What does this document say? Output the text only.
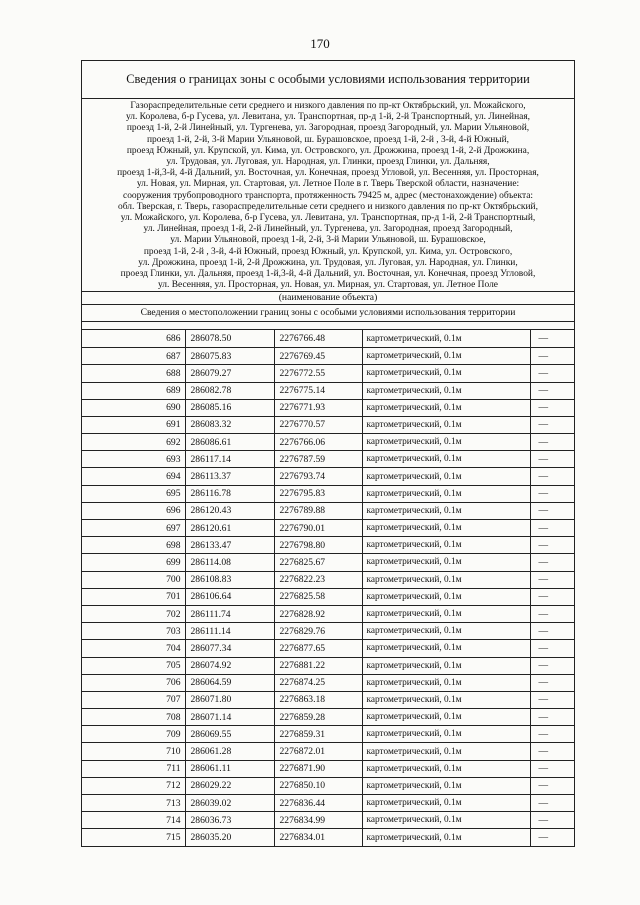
170
Сведения о границах зоны с особыми условиями использования территории
Газораспределительные сети среднего и низкого давления по пр-кт Октябрьский, ул. Можайского,
ул. Королева, б-р Гусева, ул. Левитана, ул. Транспортная, пр-д 1-й, 2-й Транспортный, ул. Линейная,
проезд 1-й, 2-й Линейный, ул. Тургенева, ул. Загородная, проезд Загородный, ул. Марии Ульяновой,
проезд 1-й, 2-й, 3-й Марии Ульяновой, ш. Бурашовское, проезд 1-й, 2-й , 3-й, 4-й Южный,
проезд Южный, ул. Крупской, ул. Кима, ул. Островского, ул. Дрожжина, проезд 1-й, 2-й Дрожжина,
ул. Трудовая, ул. Луговая, ул. Народная, ул. Глинки, проезд Глинки, ул. Дальняя,
проезд 1-й,3-й, 4-й Дальний, ул. Восточная, ул. Конечная, проезд Угловой, ул. Весенняя, ул. Просторная,
ул. Новая, ул. Мирная, ул. Стартовая, ул. Летное Поле в г. Тверь Тверской области, назначение:
сооружения трубопроводного транспорта, протяженность 79425 м, адрес (местонахождение) объекта:
обл. Тверская, г. Тверь, газораспределительные сети среднего и низкого давления по пр-кт Октябрьский,
ул. Можайского, ул. Королева, б-р Гусева, ул. Левитана, ул. Транспортная, пр-д 1-й, 2-й Транспортный,
ул. Линейная, проезд 1-й, 2-й Линейный, ул. Тургенева, ул. Загородная, проезд Загородный,
ул. Марии Ульяновой, проезд 1-й, 2-й, 3-й Марии Ульяновой, ш. Бурашовское,
проезд 1-й, 2-й , 3-й, 4-й Южный, проезд Южный, ул. Крупской, ул. Кима, ул. Островского,
ул. Дрожжина, проезд 1-й, 2-й Дрожжина, ул. Трудовая, ул. Луговая, ул. Народная, ул. Глинки,
проезд Глинки, ул. Дальняя, проезд 1-й,3-й, 4-й Дальний, ул. Восточная, ул. Конечная, проезд Угловой,
ул. Весенняя, ул. Просторная, ул. Новая, ул. Мирная, ул. Стартовая, ул. Летное Поле
(наименование объекта)
Сведения о местоположении границ зоны с особыми условиями использования территории
686	286078.50	2276766.48	картометрический, 0.1м	—
687	286075.83	2276769.45	картометрический, 0.1м	—
688	286079.27	2276772.55	картометрический, 0.1м	—
689	286082.78	2276775.14	картометрический, 0.1м	—
690	286085.16	2276771.93	картометрический, 0.1м	—
691	286083.32	2276770.57	картометрический, 0.1м	—
692	286086.61	2276766.06	картометрический, 0.1м	—
693	286117.14	2276787.59	картометрический, 0.1м	—
694	286113.37	2276793.74	картометрический, 0.1м	—
695	286116.78	2276795.83	картометрический, 0.1м	—
696	286120.43	2276789.88	картометрический, 0.1м	—
697	286120.61	2276790.01	картометрический, 0.1м	—
698	286133.47	2276798.80	картометрический, 0.1м	—
699	286114.08	2276825.67	картометрический, 0.1м	—
700	286108.83	2276822.23	картометрический, 0.1м	—
701	286106.64	2276825.58	картометрический, 0.1м	—
702	286111.74	2276828.92	картометрический, 0.1м	—
703	286111.14	2276829.76	картометрический, 0.1м	—
704	286077.34	2276877.65	картометрический, 0.1м	—
705	286074.92	2276881.22	картометрический, 0.1м	—
706	286064.59	2276874.25	картометрический, 0.1м	—
707	286071.80	2276863.18	картометрический, 0.1м	—
708	286071.14	2276859.28	картометрический, 0.1м	—
709	286069.55	2276859.31	картометрический, 0.1м	—
710	286061.28	2276872.01	картометрический, 0.1м	—
711	286061.11	2276871.90	картометрический, 0.1м	—
712	286029.22	2276850.10	картометрический, 0.1м	—
713	286039.02	2276836.44	картометрический, 0.1м	—
714	286036.73	2276834.99	картометрический, 0.1м	—
715	286035.20	2276834.01	картометрический, 0.1м	—
